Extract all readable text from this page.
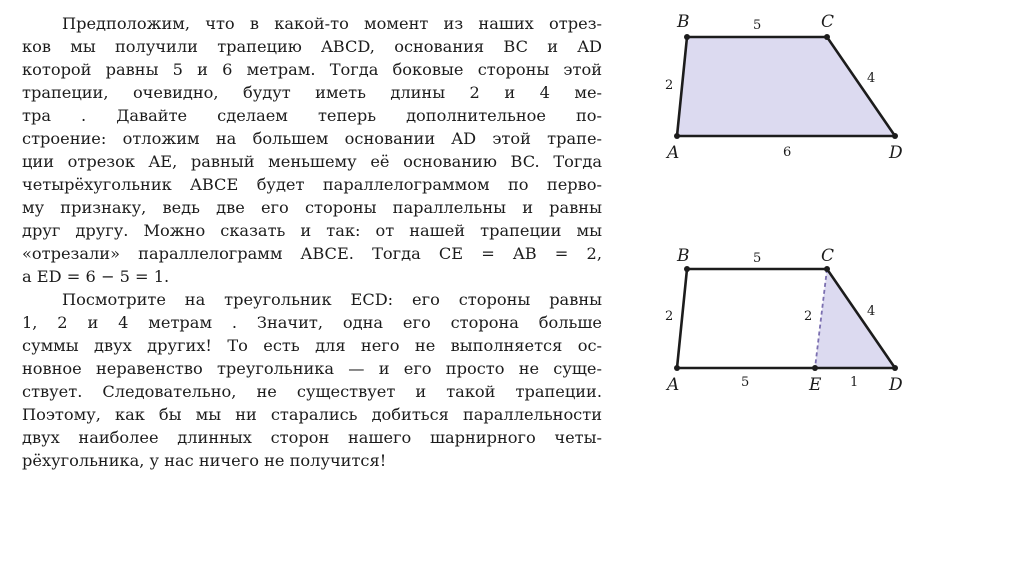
Предположим, что в какой-то момент из наших отрез-
ков мы получили трапецию ABCD, основания BC и AD
которой равны 5 и 6 метрам. Тогда боковые стороны этой
трапеции, очевидно, будут иметь длины 2 и 4 ме-
тра . Давайте сделаем теперь дополнительное по-
строение: отложим на большем основании AD этой трапе-
ции отрезок AE, равный меньшему её основанию BC. Тогда
четырёхугольник ABCE будет параллелограммом по перво-
му признаку, ведь две его стороны параллельны и равны
друг другу. Можно сказать и так: от нашей трапеции мы
«отрезали» параллелограмм ABCE. Тогда CE = AB = 2,
а ED = 6 − 5 = 1.
Посмотрите на треугольник ECD: его стороны равны
1, 2 и 4 метрам . Значит, одна его сторона больше
суммы двух других! То есть для него не выполняется ос-
новное неравенство треугольника — и его просто не суще-
ствует. Следовательно, не существует и такой трапеции.
Поэтому, как бы мы ни старались добиться параллельности
двух наиболее длинных сторон нашего шарнирного четы-
рёхугольника, у нас ничего не получится!
B	C
A	D
5
2	4
6
B	C
A	E	D
5
2	2	4
5	1
